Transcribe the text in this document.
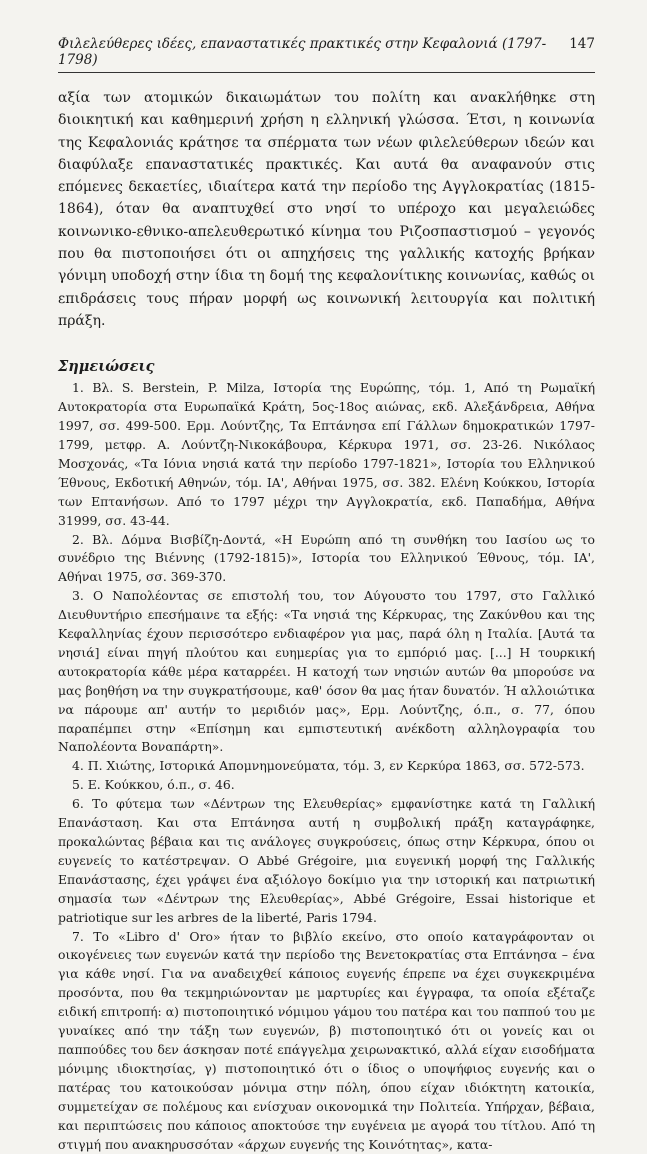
Φιλελεύθερες ιδέες, επαναστατικές πρακτικές στην Κεφαλονιά (1797-1798)
147

αξία των ατομικών δικαιωμάτων του πολίτη και ανακλήθηκε στη διοικητική και καθημερινή χρήση η ελληνική γλώσσα. Έτσι, η κοινωνία της Κεφαλονιάς κράτησε τα σπέρματα των νέων φιλελεύθερων ιδεών και διαφύλαξε επαναστατικές πρακτικές. Και αυτά θα αναφανούν στις επόμενες δεκαετίες, ιδιαίτερα κατά την περίοδο της Αγγλοκρατίας (1815-1864), όταν θα αναπτυχθεί στο νησί το υπέροχο και μεγαλειώδες κοινωνικο-εθνικο-απελευθερωτικό κίνημα του Ριζοσπαστισμού – γεγονός που θα πιστοποιήσει ότι οι απηχήσεις της γαλλικής κατοχής βρήκαν γόνιμη υποδοχή στην ίδια τη δομή της κεφαλονίτικης κοινωνίας, καθώς οι επιδράσεις τους πήραν μορφή ως κοινωνική λειτουργία και πολιτική πράξη.

Σημειώσεις

1. Βλ. S. Berstein, P. Milza, Ιστορία της Ευρώπης, τόμ. 1, Από τη Ρωμαϊκή Αυτοκρατορία στα Ευρωπαϊκά Κράτη, 5ος-18ος αιώνας, εκδ. Αλεξάνδρεια, Αθήνα 1997, σσ. 499-500. Ερμ. Λούντζης, Τα Επτάνησα επί Γάλλων δημοκρατικών 1797-1799, μετφρ. Α. Λούντζη-Νικοκάβουρα, Κέρκυρα 1971, σσ. 23-26. Νικόλαος Μοσχονάς, «Τα Ιόνια νησιά κατά την περίοδο 1797-1821», Ιστορία του Ελληνικού Έθνους, Εκδοτική Αθηνών, τόμ. ΙΑ', Αθήναι 1975, σσ. 382. Ελένη Κούκκου, Ιστορία των Επτανήσων. Από το 1797 μέχρι την Αγγλοκρατία, εκδ. Παπαδήμα, Αθήνα 31999, σσ. 43-44.

2. Βλ. Δόμνα Βισβίζη-Δοντά, «Η Ευρώπη από τη συνθήκη του Ιασίου ως το συνέδριο της Βιέννης (1792-1815)», Ιστορία του Ελληνικού Έθνους, τόμ. ΙΑ', Αθήναι 1975, σσ. 369-370.

3. Ο Ναπολέοντας σε επιστολή του, τον Αύγουστο του 1797, στο Γαλλικό Διευθυντήριο επεσήμαινε τα εξής: «Τα νησιά της Κέρκυρας, της Ζακύνθου και της Κεφαλληνίας έχουν περισσότερο ενδιαφέρον για μας, παρά όλη η Ιταλία. [Αυτά τα νησιά] είναι πηγή πλούτου και ευημερίας για το εμπόριό μας. [...] Η τουρκική αυτοκρατορία κάθε μέρα καταρρέει. Η κατοχή των νησιών αυτών θα μπορούσε να μας βοηθήση να την συγκρατήσουμε, καθ' όσον θα μας ήταν δυνατόν. Ή αλλοιώτικα να πάρουμε απ' αυτήν το μεριδιόν μας», Ερμ. Λούντζης, ό.π., σ. 77, όπου παραπέμπει στην «Επίσημη και εμπιστευτική ανέκδοτη αλληλογραφία του Ναπολέοντα Βοναπάρτη».

4. Π. Χιώτης, Ιστορικά Απομνημονεύματα, τόμ. 3, εν Κερκύρα 1863, σσ. 572-573.

5. Ε. Κούκκου, ό.π., σ. 46.

6. Το φύτεμα των «Δέντρων της Ελευθερίας» εμφανίστηκε κατά τη Γαλλική Επανάσταση. Και στα Επτάνησα αυτή η συμβολική πράξη καταγράφηκε, προκαλώντας βέβαια και τις ανάλογες συγκρούσεις, όπως στην Κέρκυρα, όπου οι ευγενείς το κατέστρεψαν. Ο Abbé Grégoire, μια ευγενική μορφή της Γαλλικής Επανάστασης, έχει γράψει ένα αξιόλογο δοκίμιο για την ιστορική και πατριωτική σημασία των «Δέντρων της Ελευθερίας», Abbé Grégoire, Essai historique et patriotique sur les arbres de la liberté, Paris 1794.

7. Το «Libro d' Oro» ήταν το βιβλίο εκείνο, στο οποίο καταγράφονταν οι οικογένειες των ευγενών κατά την περίοδο της Βενετοκρατίας στα Επτάνησα – ένα για κάθε νησί. Για να αναδειχθεί κάποιος ευγενής έπρεπε να έχει συγκεκριμένα προσόντα, που θα τεκμηριώνονταν με μαρτυρίες και έγγραφα, τα οποία εξέταζε ειδική επιτροπή: α) πιστοποιητικό νόμιμου γάμου του πατέρα και του παππού του με γυναίκες από την τάξη των ευγενών, β) πιστοποιητικό ότι οι γονείς και οι παππούδες του δεν άσκησαν ποτέ επάγγελμα χειρωνακτικό, αλλά είχαν εισοδήματα μόνιμης ιδιοκτησίας, γ) πιστοποιητικό ότι ο ίδιος ο υποψήφιος ευγενής και ο πατέρας του κατοικούσαν μόνιμα στην πόλη, όπου είχαν ιδιόκτητη κατοικία, συμμετείχαν σε πολέμους και ενίσχυαν οικονομικά την Πολιτεία. Υπήρχαν, βέβαια, και περιπτώσεις που κάποιος αποκτούσε την ευγένεια με αγορά του τίτλου. Από τη στιγμή που ανακηρυσσόταν «άρχων ευγενής της Κοινότητας», κατα-
